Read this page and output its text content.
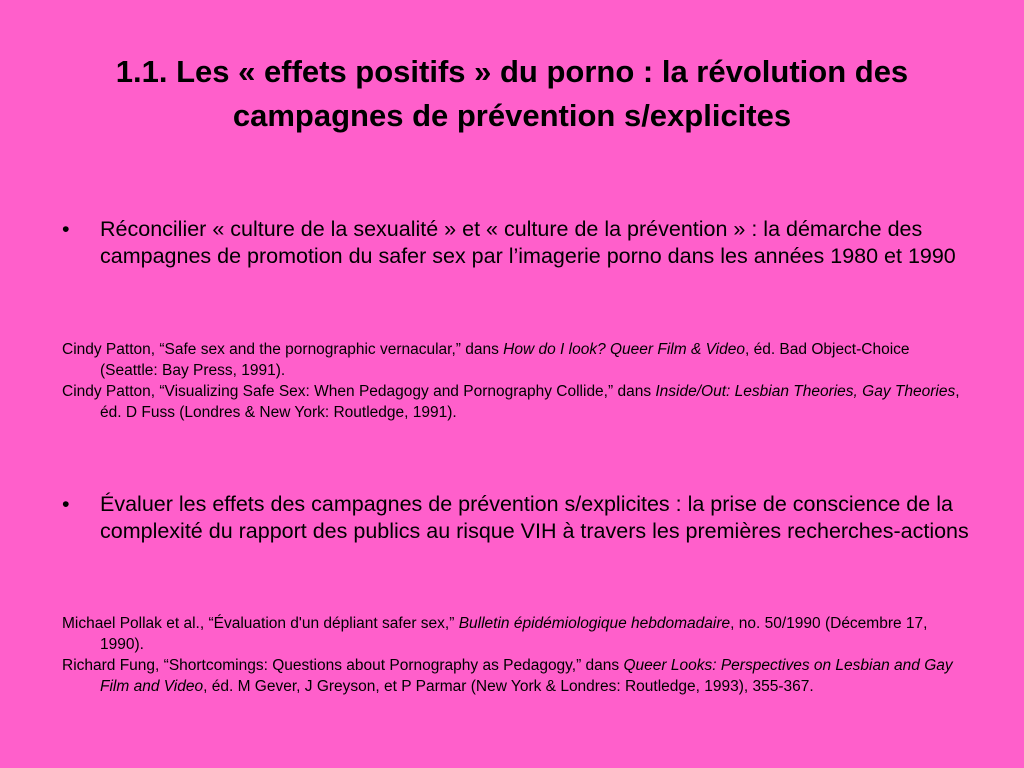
1.1. Les « effets positifs » du porno : la révolution des campagnes de prévention s/explicites
•	Réconcilier « culture de la sexualité » et « culture de la prévention » : la démarche des campagnes de promotion du safer sex par l’imagerie porno dans les années 1980 et 1990

Cindy Patton, “Safe sex and the pornographic vernacular,” dans How do I look? Queer Film & Video, éd. Bad Object-Choice (Seattle: Bay Press, 1991).

Cindy Patton, “Visualizing Safe Sex: When Pedagogy and Pornography Collide,” dans Inside/Out: Lesbian Theories, Gay Theories, éd. D Fuss (Londres & New York: Routledge, 1991).

•	Évaluer les effets des campagnes de prévention s/explicites : la prise de conscience de la complexité du rapport des publics au risque VIH à travers les premières recherches-actions

Michael Pollak et al., “Évaluation d'un dépliant safer sex,” Bulletin épidémiologique hebdomadaire, no. 50/1990 (Décembre 17, 1990).

Richard Fung, “Shortcomings: Questions about Pornography as Pedagogy,” dans Queer Looks: Perspectives on Lesbian and Gay Film and Video, éd. M Gever, J Greyson, et P Parmar (New York & Londres: Routledge, 1993), 355-367.
